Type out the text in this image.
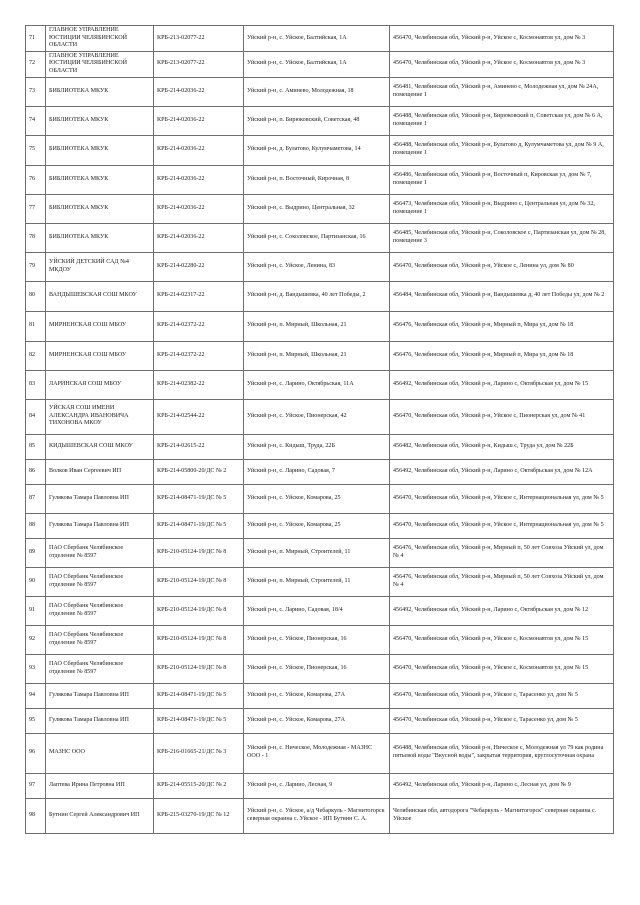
71	ГЛАВНОЕ УПРАВЛЕНИЕ ЮСТИЦИИ ЧЕЛЯБИНСКОЙ ОБЛАСТИ	КРБ-213-02077-22	Уйский р-н, с. Уйское, Балтийская, 1А	456470, Челябинская обл, Уйский р-н, Уйское с, Космонавтов ул, дом № 3
72	ГЛАВНОЕ УПРАВЛЕНИЕ ЮСТИЦИИ ЧЕЛЯБИНСКОЙ ОБЛАСТИ	КРБ-213-02077-22	Уйский р-н, с. Уйское, Балтийская, 1А	456470, Челябинская обл, Уйский р-н, Уйское с, Космонавтов ул, дом № 3
73	БИБЛИОТЕКА МКУК	КРБ-214-02036-22	Уйский р-н, с. Аминево, Молодежная, 18	456481, Челябинская обл, Уйский р-н, Аминево с, Молодежная ул, дом № 24А, помещение 1
74	БИБЛИОТЕКА МКУК	КРБ-214-02036-22	Уйский р-н, п. Бирюковский, Советская, 48	456488, Челябинская обл, Уйский р-н, Бирюковский п, Советская ул, дом № 6 А, помещение 1
75	БИБЛИОТЕКА МКУК	КРБ-214-02036-22	Уйский р-н, д. Булатово, Кулумчаметова, 14	456488, Челябинская обл, Уйский р-н, Булатово д, Кулумчаметова ул, дом № 9 А, помещение 1
76	БИБЛИОТЕКА МКУК	КРБ-214-02036-22	Уйский р-н, п. Восточный, Кирочная, 8	456486, Челябинская обл, Уйский р-н, Восточный п, Кировская ул, дом № 7, помещение 1
77	БИБЛИОТЕКА МКУК	КРБ-214-02036-22	Уйский р-н, с. Выдрино, Центральная, 32	456473, Челябинская обл, Уйский р-н, Выдрино с, Центральная ул, дом № 32, помещение 1
78	БИБЛИОТЕКА МКУК	КРБ-214-02036-22	Уйский р-н, с. Соколовское, Партизанская, 16	456485, Челябинская обл, Уйский р-н, Соколовское с, Партизанская ул, дом № 28, помещение 3
79	УЙСКИЙ ДЕТСКИЙ САД №4 МКДОУ	КРБ-214-02280-22	Уйский р-н, с. Уйское, Ленина, 83	456470, Челябинская обл, Уйский р-н, Уйское с, Ленина ул, дом № 80
80	ВАНДЫШЕВСКАЯ СОШ МКОУ	КРБ-214-02317-22	Уйский р-н, д. Вандышевка, 40 лет Победы, 2	456484, Челябинская обл, Уйский р-н, Вандышевка д, 40 лет Победы ул, дом № 2
81	МИРНЕНСКАЯ СОШ МБОУ	КРБ-214-02372-22	Уйский р-н, п. Мирный, Школьная, 21	456476, Челябинская обл, Уйский р-н, Мирный п, Мира ул, дом № 18
82	МИРНЕНСКАЯ СОШ МБОУ	КРБ-214-02372-22	Уйский р-н, п. Мирный, Школьная, 21	456476, Челябинская обл, Уйский р-н, Мирный п, Мира ул, дом № 18
83	ЛАРИНСКАЯ СОШ МБОУ	КРБ-214-02382-22	Уйский р-н, с. Ларино, Октябрьская, 11А	456492, Челябинская обл, Уйский р-н, Ларино с, Октябрьская ул, дом № 15
84	УЙСКАЯ СОШ ИМЕНИ АЛЕКСАНДРА ИВАНОВИЧА ТИХОНОВА МКОУ	КРБ-214-02544-22	Уйский р-н, с. Уйское, Пионерская, 42	456470, Челябинская обл, Уйский р-н, Уйское с, Пионерская ул, дом № 41
85	КИДЫШЕВСКАЯ СОШ МКОУ	КРБ-214-02615-22	Уйский р-н, с. Кидыш, Труда, 22Б	456482, Челябинская обл, Уйский р-н, Кидыш с, Труда ул, дом № 22Б
86	Волков Иван Сергеевич ИП	КРБ-214-05800-20/ДС № 2	Уйский р-н, с. Ларино, Садовая, 7	456492, Челябинская обл, Уйский р-н, Ларино с, Октябрьская ул, дом № 12А
87	Гулякова Тамара Павловна ИП	КРБ-214-08471-19/ДС № 5	Уйский р-н, с. Уйское, Комарова, 25	456470, Челябинская обл, Уйский р-н, Уйское с, Интернациональная ул, дом № 5
88	Гулякова Тамара Павловна ИП	КРБ-214-08471-19/ДС № 5	Уйский р-н, с. Уйское, Комарова, 25	456470, Челябинская обл, Уйский р-н, Уйское с, Интернациональная ул, дом № 5
89	ПАО Сбербанк Челябинское отделение № 8597	КРБ-210-05124-19/ДС № 8	Уйский р-н, п. Мирный, Строителей, 11	456476, Челябинская обл, Уйский р-н, Мирный п, 50 лет Совхоза Уйский ул, дом № 4
90	ПАО Сбербанк Челябинское отделение № 8597	КРБ-210-05124-19/ДС № 8	Уйский р-н, п. Мирный, Строителей, 11	456476, Челябинская обл, Уйский р-н, Мирный п, 50 лет Совхоза Уйский ул, дом № 4
91	ПАО Сбербанк Челябинское отделение № 8597	КРБ-210-05124-19/ДС № 8	Уйский р-н, с. Ларино, Садовая, 18/4	456492, Челябинская обл, Уйский р-н, Ларино с, Октябрьская ул, дом № 12
92	ПАО Сбербанк Челябинское отделение № 8597	КРБ-210-05124-19/ДС № 8	Уйский р-н, с. Уйское, Пионерская, 16	456470, Челябинская обл, Уйский р-н, Уйское с, Космонавтов ул, дом № 15
93	ПАО Сбербанк Челябинское отделение № 8597	КРБ-210-05124-19/ДС № 8	Уйский р-н, с. Уйское, Пионерская, 16	456470, Челябинская обл, Уйский р-н, Уйское с, Космонавтов ул, дом № 15
94	Гулякова Тамара Павловна ИП	КРБ-214-08471-19/ДС № 5	Уйский р-н, с. Уйское, Комарова, 27А	456470, Челябинская обл, Уйский р-н, Уйское с, Тарасенко ул, дом № 5
95	Гулякова Тамара Павловна ИП	КРБ-214-08471-19/ДС № 5	Уйский р-н, с. Уйское, Комарова, 27А	456470, Челябинская обл, Уйский р-н, Уйское с, Тарасенко ул, дом № 5
96	МАЗНС ООО	КРБ-216-01665-21/ДС № 3	Уйский р-н, с. Ническое, Молодежная - МАЗНС ООО - 1	456488, Челябинская обл, Уйский р-н, Ническое с, Молодежная ул 79 как родина пятьевой воды "Вкусной воды", закрытая территория, круглосуточная охрана
97	Лаптева Ирина Петровна ИП	КРБ-214-05515-20/ДС № 2	Уйский р-н, с. Ларино, Лесная, 9	456492, Челябинская обл, Уйский р-н, Ларино с, Лесная ул, дом № 9
98	Бутнин Сергей Александрович ИП	КРБ-215-03270-19/ДС № 12	Уйский р-н, с. Уйское, а/д Чебаркуль - Магнитогорск северная окраина с. Уйское - ИП Бутнин С. А.	Челябинская обл, автодорога "Чебаркуль - Магнитогорск" северная окраина с. Уйское
